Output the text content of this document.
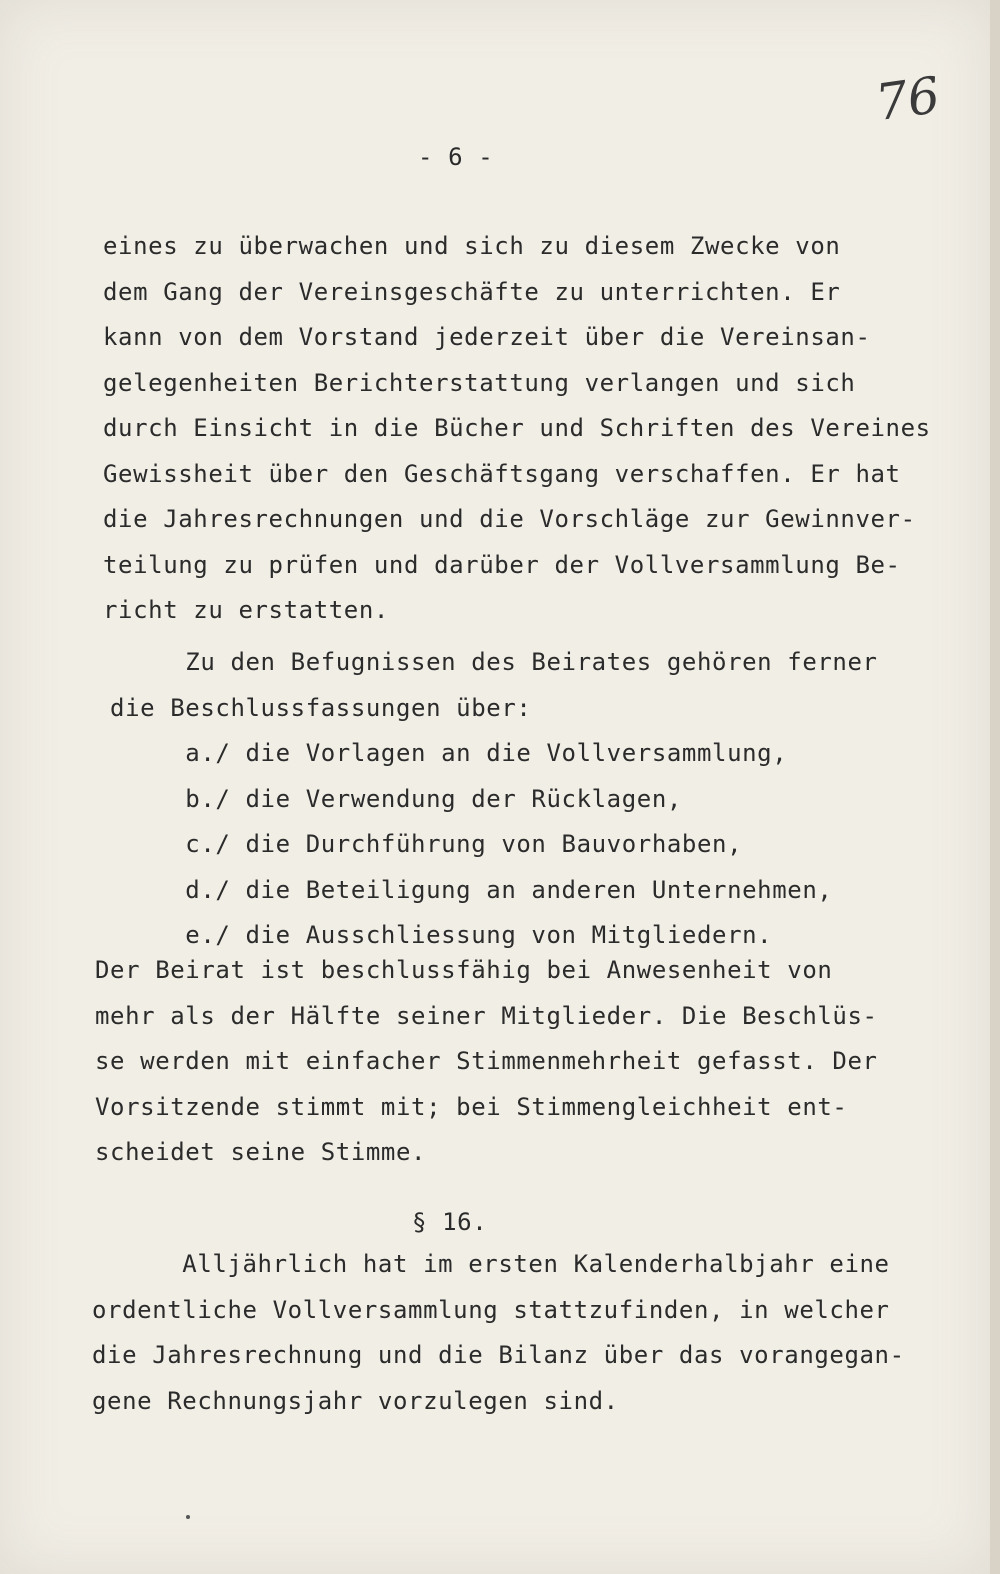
76
- 6 -
eines zu überwachen und sich zu diesem Zwecke von
dem Gang der Vereinsgeschäfte zu unterrichten. Er
kann von dem Vorstand jederzeit über die Vereinsan-
gelegenheiten Berichterstattung verlangen und sich
durch Einsicht in die Bücher und Schriften des Vereines
Gewissheit über den Geschäftsgang verschaffen. Er hat
die Jahresrechnungen und die Vorschläge zur Gewinnver-
teilung zu prüfen und darüber der Vollversammlung Be-
richt zu erstatten.
Zu den Befugnissen des Beirates gehören ferner
die Beschlussfassungen über:
a./ die Vorlagen an die Vollversammlung,
b./ die Verwendung der Rücklagen,
c./ die Durchführung von Bauvorhaben,
d./ die Beteiligung an anderen Unternehmen,
e./ die Ausschliessung von Mitgliedern.
Der Beirat ist beschlussfähig bei Anwesenheit von
mehr als der Hälfte seiner Mitglieder. Die Beschlüs-
se werden mit einfacher Stimmenmehrheit gefasst. Der
Vorsitzende stimmt mit; bei Stimmengleichheit ent-
scheidet seine Stimme.
§ 16.
Alljährlich hat im ersten Kalenderhalbjahr eine
ordentliche Vollversammlung stattzufinden, in welcher
die Jahresrechnung und die Bilanz über das vorangegan-
gene Rechnungsjahr vorzulegen sind.
